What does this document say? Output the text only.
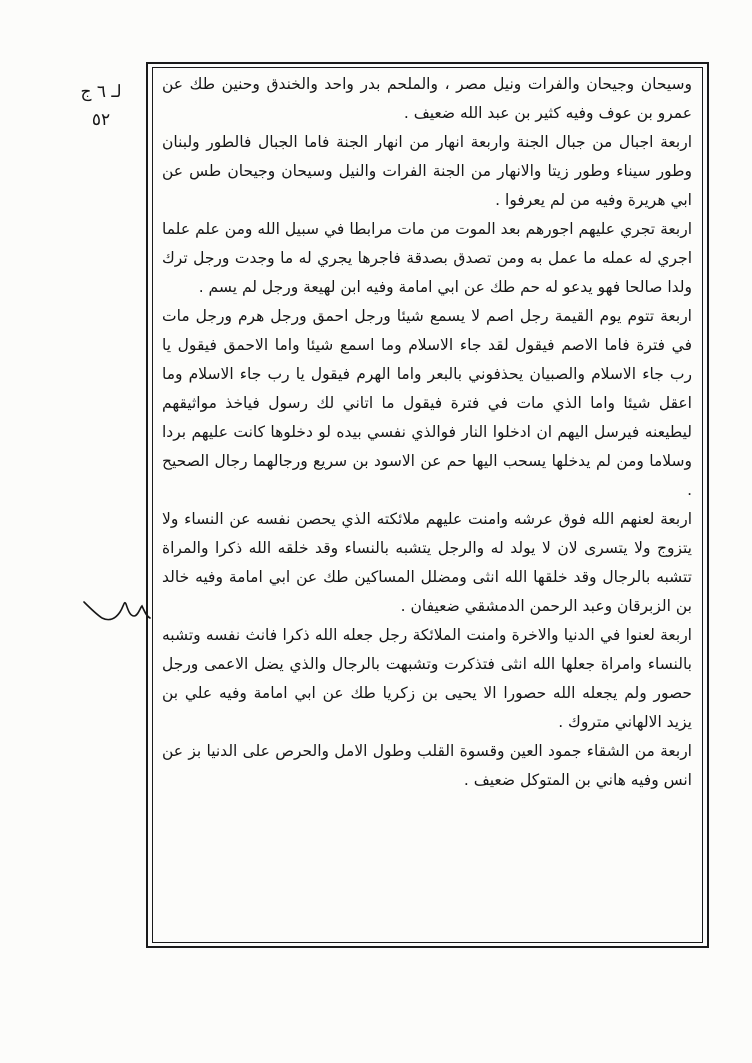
لـ ٦ ج
٥٢

وسيحان وجيحان والفرات ونيل مصر ، والملحم بدر واحد والخندق وحنين طك عن عمرو بن عوف وفيه كثير بن عبد الله ضعيف .

اربعة اجبال من جبال الجنة واربعة انهار من انهار الجنة فاما الجبال فالطور ولبنان وطور سيناء وطور زيتا والانهار من الجنة الفرات والنيل وسيحان وجيحان طس عن ابي هريرة وفيه من لم يعرفوا .

اربعة تجري عليهم اجورهم بعد الموت من مات مرابطا في سبيل الله ومن علم علما اجري له عمله ما عمل به ومن تصدق بصدقة فاجرها يجري له ما وجدت ورجل ترك ولدا صالحا فهو يدعو له حم طك عن ابي امامة وفيه ابن لهيعة ورجل لم يسم .

اربعة تتوم يوم القيمة رجل اصم لا يسمع شيئا ورجل احمق ورجل هرم ورجل مات في فترة فاما الاصم فيقول لقد جاء الاسلام وما اسمع شيئا واما الاحمق فيقول يا رب جاء الاسلام والصبيان يحذفوني بالبعر واما الهرم فيقول يا رب جاء الاسلام وما اعقل شيئا واما الذي مات في فترة فيقول ما اتاني لك رسول فياخذ مواثيقهم ليطيعنه فيرسل اليهم ان ادخلوا النار فوالذي نفسي بيده لو دخلوها كانت عليهم بردا وسلاما ومن لم يدخلها يسحب اليها حم عن الاسود بن سريع ورجالهما رجال الصحيح .

اربعة لعنهم الله فوق عرشه وامنت عليهم ملائكته الذي يحصن نفسه عن النساء ولا يتزوج ولا يتسرى لان لا يولد له والرجل يتشبه بالنساء وقد خلقه الله ذكرا والمراة تتشبه بالرجال وقد خلقها الله انثى ومضلل المساكين طك عن ابي امامة وفيه خالد بن الزبرقان وعبد الرحمن الدمشقي ضعيفان .

اربعة لعنوا في الدنيا والاخرة وامنت الملائكة رجل جعله الله ذكرا فانث نفسه وتشبه بالنساء وامراة جعلها الله انثى فتذكرت وتشبهت بالرجال والذي يضل الاعمى ورجل حصور ولم يجعله الله حصورا الا يحيى بن زكريا طك عن ابي امامة وفيه علي بن يزيد الالهاني متروك .

اربعة من الشقاء جمود العين وقسوة القلب وطول الامل والحرص على الدنيا بز عن انس وفيه هاني بن المتوكل ضعيف .
